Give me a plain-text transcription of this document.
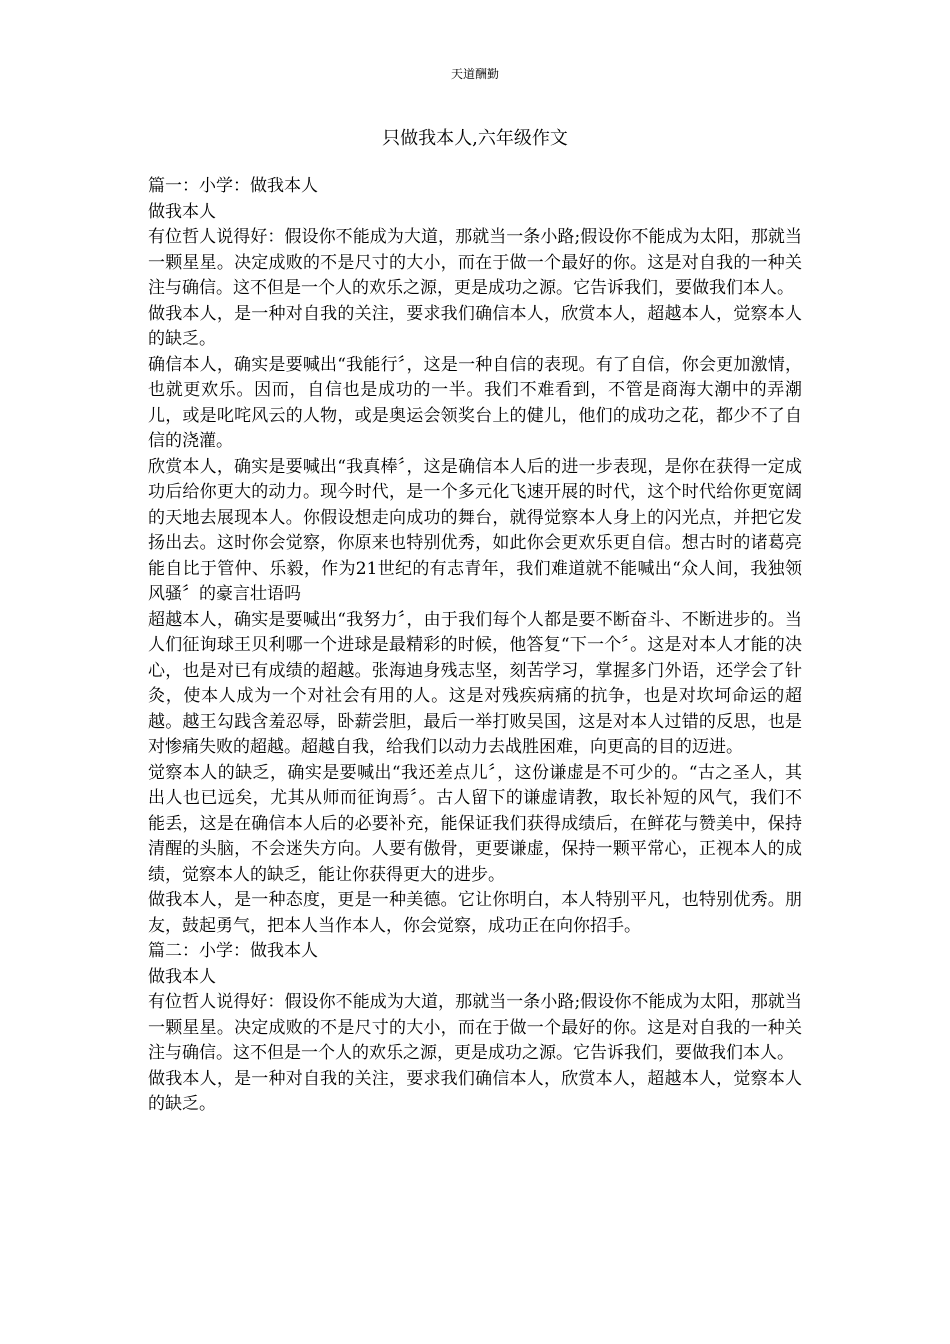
天道酬勤
只做我本人,六年级作文

篇一：小学：做我本人

做我本人

有位哲人说得好：假设你不能成为大道，那就当一条小路;假设你不能成为太阳，那就当一颗星星。决定成败的不是尺寸的大小，而在于做一个最好的你。这是对自我的一种关注与确信。这不但是一个人的欢乐之源，更是成功之源。它告诉我们，要做我们本人。

做我本人，是一种对自我的关注，要求我们确信本人，欣赏本人，超越本人，觉察本人的缺乏。

确信本人，确实是要喊出“我能行〞，这是一种自信的表现。有了自信，你会更加激情，也就更欢乐。因而，自信也是成功的一半。我们不难看到，不管是商海大潮中的弄潮儿，或是叱咤风云的人物，或是奥运会领奖台上的健儿，他们的成功之花，都少不了自信的浇灌。

欣赏本人，确实是要喊出“我真棒〞，这是确信本人后的进一步表现，是你在获得一定成功后给你更大的动力。现今时代，是一个多元化飞速开展的时代，这个时代给你更宽阔的天地去展现本人。你假设想走向成功的舞台，就得觉察本人身上的闪光点，并把它发扬出去。这时你会觉察，你原来也特别优秀，如此你会更欢乐更自信。想古时的诸葛亮能自比于管仲、乐毅，作为21世纪的有志青年，我们难道就不能喊出“众人间，我独领风骚〞的豪言壮语吗

超越本人，确实是要喊出“我努力〞，由于我们每个人都是要不断奋斗、不断进步的。当人们征询球王贝利哪一个进球是最精彩的时候，他答复“下一个〞。这是对本人才能的决心，也是对已有成绩的超越。张海迪身残志坚，刻苦学习，掌握多门外语，还学会了针灸，使本人成为一个对社会有用的人。这是对残疾病痛的抗争，也是对坎坷命运的超越。越王勾践含羞忍辱，卧薪尝胆，最后一举打败吴国，这是对本人过错的反思，也是对惨痛失败的超越。超越自我，给我们以动力去战胜困难，向更高的目的迈进。

觉察本人的缺乏，确实是要喊出“我还差点儿〞，这份谦虚是不可少的。“古之圣人，其出人也已远矣，尤其从师而征询焉〞。古人留下的谦虚请教，取长补短的风气，我们不能丢，这是在确信本人后的必要补充，能保证我们获得成绩后，在鲜花与赞美中，保持清醒的头脑，不会迷失方向。人要有傲骨，更要谦虚，保持一颗平常心，正视本人的成绩，觉察本人的缺乏，能让你获得更大的进步。

做我本人，是一种态度，更是一种美德。它让你明白，本人特别平凡，也特别优秀。朋友，鼓起勇气，把本人当作本人，你会觉察，成功正在向你招手。

篇二：小学：做我本人

做我本人

有位哲人说得好：假设你不能成为大道，那就当一条小路;假设你不能成为太阳，那就当一颗星星。决定成败的不是尺寸的大小，而在于做一个最好的你。这是对自我的一种关注与确信。这不但是一个人的欢乐之源，更是成功之源。它告诉我们，要做我们本人。

做我本人，是一种对自我的关注，要求我们确信本人，欣赏本人，超越本人，觉察本人的缺乏。
